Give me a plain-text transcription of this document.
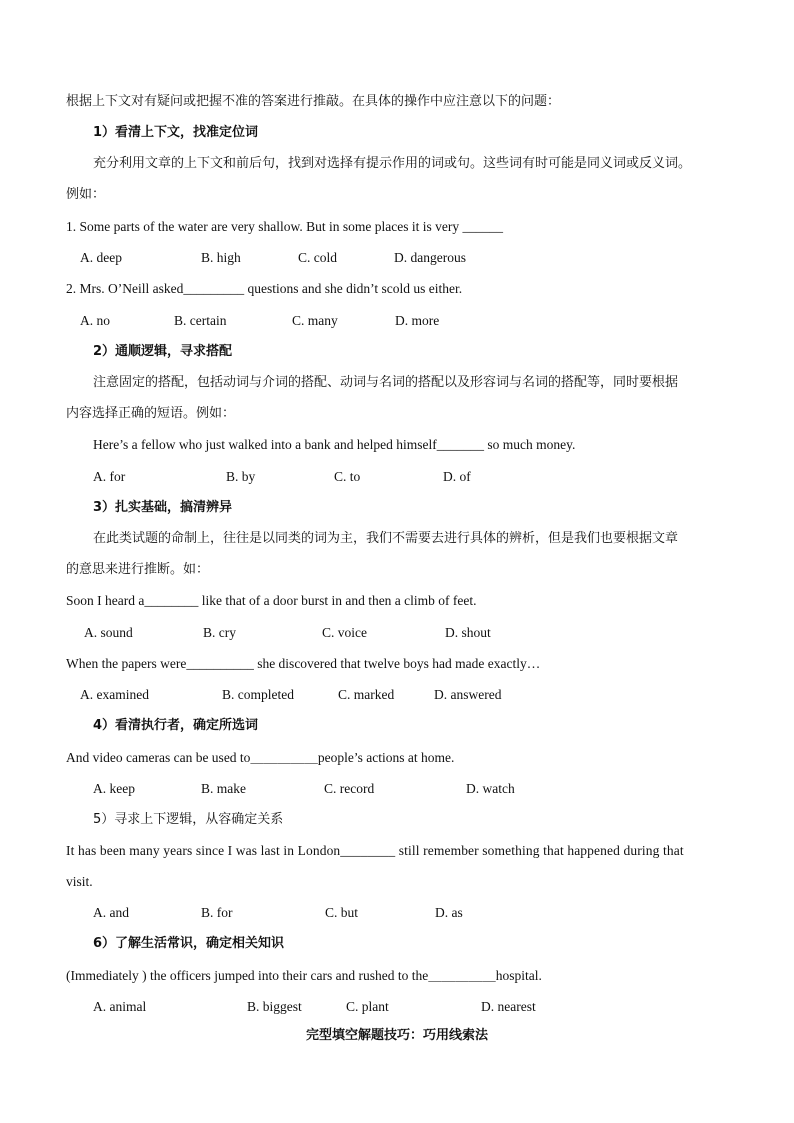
根据上下文对有疑问或把握不准的答案进行推敲。在具体的操作中应注意以下的问题：
1）看清上下文，找准定位词
充分利用文章的上下文和前后句，找到对选择有提示作用的词或句。这些词有时可能是同义词或反义词。
例如：
1. Some parts of the water are very shallow. But in some places it is very ______
A. deep	B. high	C. cold	D. dangerous
2. Mrs. O’Neill asked_________ questions and she didn’t scold us either.
A. no	B. certain	C. many	D. more
2）通顺逻辑，寻求搭配
注意固定的搭配，包括动词与介词的搭配、动词与名词的搭配以及形容词与名词的搭配等，同时要根据
内容选择正确的短语。例如：
Here’s a fellow who just walked into a bank and helped himself_______ so much money.
A. for	B. by	C. to	D. of
3）扎实基础，搞清辨异
在此类试题的命制上，往往是以同类的词为主，我们不需要去进行具体的辨析，但是我们也要根据文章
的意思来进行推断。如：
Soon I heard a________ like that of a door burst in and then a climb of feet.
A. sound	B. cry	C. voice	D. shout
When the papers were__________ she discovered that twelve boys had made exactly…
A. examined	B. completed	C. marked	D. answered
4）看清执行者，确定所选词
And video cameras can be used to＿＿＿＿＿people’s actions at home.
A. keep	B. make	C. record	D. watch
5）寻求上下逻辑，从容确定关系
It has been many years since I was last in London________ still remember something that happened during that
visit.
A. and	B. for	C. but	D. as
6）了解生活常识，确定相关知识
(Immediately ) the officers jumped into their cars and rushed to the＿＿＿＿＿hospital.
A. animal	B. biggest	C. plant	D. nearest
完型填空解题技巧：巧用线索法
